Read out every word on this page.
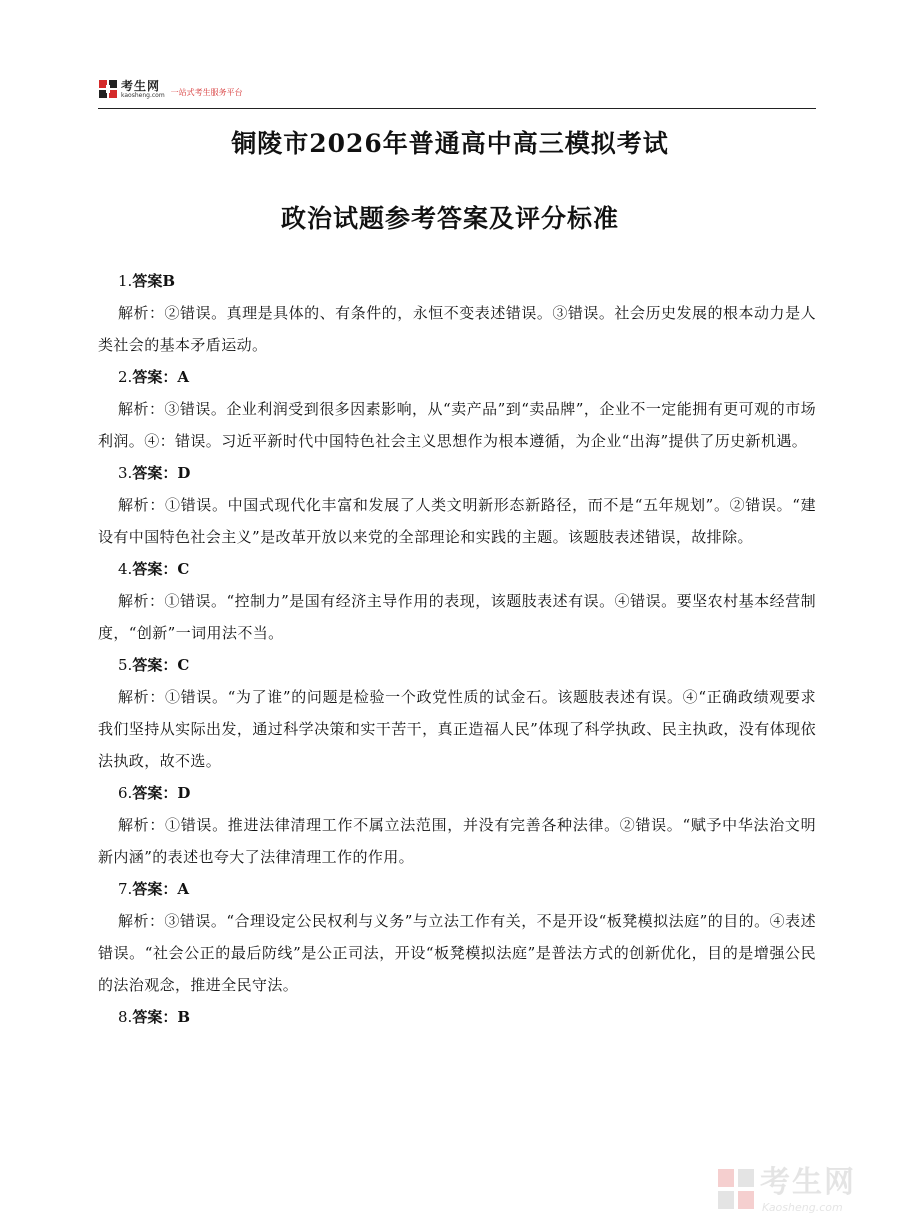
考生网
kaosheng.com 一站式考生服务平台
铜陵市2026年普通高中高三模拟考试
政治试题参考答案及评分标准
1.答案B

解析：②错误。真理是具体的、有条件的，永恒不变表述错误。③错误。社会历史发展的根本动力是人类社会的基本矛盾运动。

2.答案：A

解析：③错误。企业利润受到很多因素影响，从“卖产品”到“卖品牌”，企业不一定能拥有更可观的市场利润。④：错误。习近平新时代中国特色社会主义思想作为根本遵循，为企业“出海”提供了历史新机遇。

3.答案：D

解析：①错误。中国式现代化丰富和发展了人类文明新形态新路径，而不是“五年规划”。②错误。“建设有中国特色社会主义”是改革开放以来党的全部理论和实践的主题。该题肢表述错误，故排除。

4.答案：C

解析：①错误。“控制力”是国有经济主导作用的表现，该题肢表述有误。④错误。要坚农村基本经营制度，“创新”一词用法不当。

5.答案：C

解析：①错误。“为了谁”的问题是检验一个政党性质的试金石。该题肢表述有误。④“正确政绩观要求我们坚持从实际出发，通过科学决策和实干苦干，真正造福人民”体现了科学执政、民主执政，没有体现依法执政，故不选。

6.答案：D

解析：①错误。推进法律清理工作不属立法范围，并没有完善各种法律。②错误。“赋予中华法治文明新内涵”的表述也夸大了法律清理工作的作用。

7.答案：A

解析：③错误。“合理设定公民权利与义务”与立法工作有关，不是开设“板凳模拟法庭”的目的。④表述错误。“社会公正的最后防线”是公正司法，开设“板凳模拟法庭”是普法方式的创新优化，目的是增强公民的法治观念，推进全民守法。

8.答案：B
考生网
Kaosheng.com
